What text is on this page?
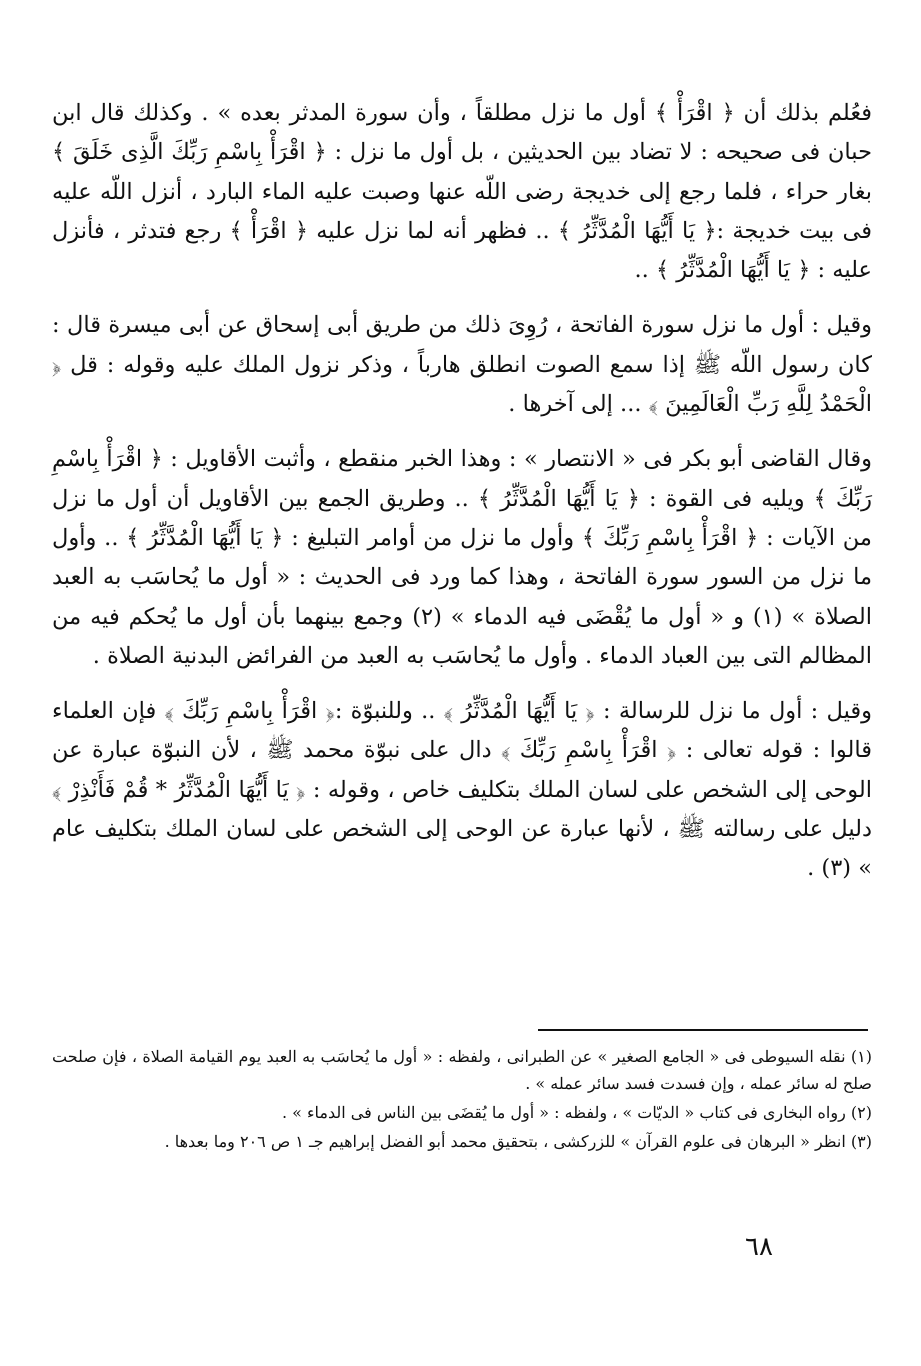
فعُلم بذلك أن ﴿ اقْرَأْ ﴾ أول ما نزل مطلقاً ، وأن سورة المدثر بعده » . وكذلك قال ابن حبان فى صحيحه : لا تضاد بين الحديثين ، بل أول ما نزل : ﴿ اقْرَأْ بِاسْمِ رَبِّكَ الَّذِى خَلَقَ ﴾ بغار حراء ، فلما رجع إلى خديجة رضى اللّه عنها وصبت عليه الماء البارد ، أنزل اللّه عليه فى بيت خديجة :﴿ يَا أَيُّهَا الْمُدَّثِّرُ ﴾ .. فظهر أنه لما نزل عليه ﴿ اقْرَأْ ﴾ رجع فتدثر ، فأنزل عليه : ﴿ يَا أَيُّهَا الْمُدَّثِّرُ ﴾ ..

وقيل : أول ما نزل سورة الفاتحة ، رُوِىَ ذلك من طريق أبى إسحاق عن أبى ميسرة قال : كان رسول اللّه ﷺ إذا سمع الصوت انطلق هارباً ، وذكر نزول الملك عليه وقوله : قل ﴿ الْحَمْدُ لِلَّهِ رَبِّ الْعَالَمِينَ ﴾ ... إلى آخرها .

وقال القاضى أبو بكر فى « الانتصار » : وهذا الخبر منقطع ، وأثبت الأقاويل : ﴿ اقْرَأْ بِاسْمِ رَبِّكَ ﴾ ويليه فى القوة : ﴿ يَا أَيُّهَا الْمُدَّثِّرُ ﴾ .. وطريق الجمع بين الأقاويل أن أول ما نزل من الآيات : ﴿ اقْرَأْ بِاسْمِ رَبِّكَ ﴾ وأول ما نزل من أوامر التبليغ : ﴿ يَا أَيُّهَا الْمُدَّثِّرُ ﴾ .. وأول ما نزل من السور سورة الفاتحة ، وهذا كما ورد فى الحديث : « أول ما يُحاسَب به العبد الصلاة » (١) و « أول ما يُقْضَى فيه الدماء » (٢) وجمع بينهما بأن أول ما يُحكم فيه من المظالم التى بين العباد الدماء . وأول ما يُحاسَب به العبد من الفرائض البدنية الصلاة .

وقيل : أول ما نزل للرسالة : ﴿ يَا أَيُّهَا الْمُدَّثِّرُ ﴾ .. وللنبوّة :﴿ اقْرَأْ بِاسْمِ رَبِّكَ ﴾ فإن العلماء قالوا : قوله تعالى : ﴿ اقْرَأْ بِاسْمِ رَبِّكَ ﴾ دال على نبوّة محمد ﷺ ، لأن النبوّة عبارة عن الوحى إلى الشخص على لسان الملك بتكليف خاص ، وقوله : ﴿ يَا أَيُّهَا الْمُدَّثِّرُ * قُمْ فَأَنْذِرْ ﴾ دليل على رسالته ﷺ ، لأنها عبارة عن الوحى إلى الشخص على لسان الملك بتكليف عام » (٣) .

(١) نقله السيوطى فى « الجامع الصغير » عن الطبرانى ، ولفظه : « أول ما يُحاسَب به العبد يوم القيامة الصلاة ، فإن صلحت صلح له سائر عمله ، وإن فسدت فسد سائر عمله » .

(٢) رواه البخارى فى كتاب « الديّات » ، ولفظه : « أول ما يُقضَى بين الناس فى الدماء » .

(٣) انظر « البرهان فى علوم القرآن » للزركشى ، بتحقيق محمد أبو الفضل إبراهيم جـ ١ ص ٢٠٦ وما بعدها .

٦٨
